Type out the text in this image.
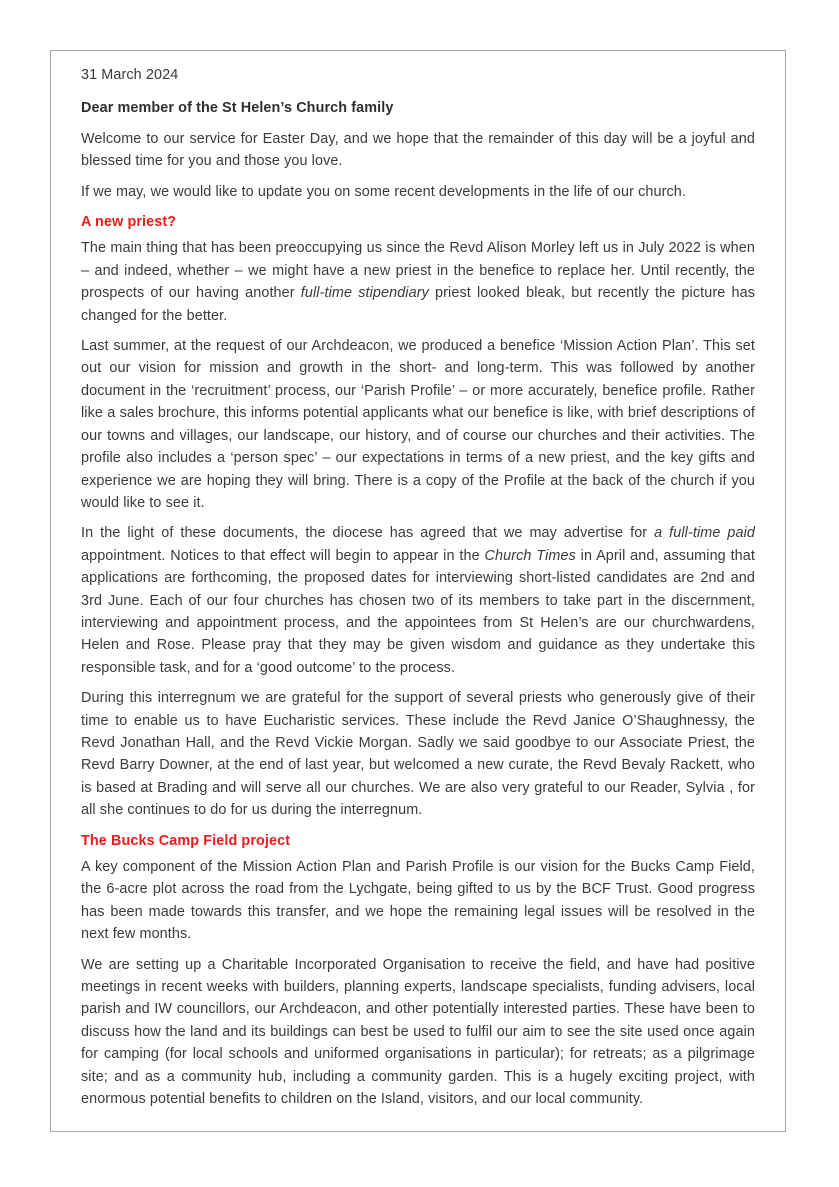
31 March 2024
Dear member of the St Helen’s Church family

Welcome to our service for Easter Day, and we hope that the remainder of this day will be a joyful and blessed time for you and those you love.

If we may, we would like to update you on some recent developments in the life of our church.

A new priest?

The main thing that has been preoccupying us since the Revd Alison Morley left us in July 2022 is when – and indeed, whether – we might have a new priest in the benefice to replace her. Until recently, the prospects of our having another full-time stipendiary priest looked bleak, but recently the picture has changed for the better.

Last summer, at the request of our Archdeacon, we produced a benefice ‘Mission Action Plan’. This set out our vision for mission and growth in the short- and long-term. This was followed by another document in the ‘recruitment’ process, our ‘Parish Profile’ – or more accurately, benefice profile. Rather like a sales brochure, this informs potential applicants what our benefice is like, with brief descriptions of our towns and villages, our landscape, our history, and of course our churches and their activities. The profile also includes a ‘person spec’ – our expectations in terms of a new priest, and the key gifts and experience we are hoping they will bring. There is a copy of the Profile at the back of the church if you would like to see it.

In the light of these documents, the diocese has agreed that we may advertise for a full-time paid appointment. Notices to that effect will begin to appear in the Church Times in April and, assuming that applications are forthcoming, the proposed dates for interviewing short-listed candidates are 2nd and 3rd June. Each of our four churches has chosen two of its members to take part in the discernment, interviewing and appointment process, and the appointees from St Helen’s are our churchwardens, Helen and Rose. Please pray that they may be given wisdom and guidance as they undertake this responsible task, and for a ‘good outcome’ to the process.

During this interregnum we are grateful for the support of several priests who generously give of their time to enable us to have Eucharistic services. These include the Revd Janice O’Shaughnessy, the Revd Jonathan Hall, and the Revd Vickie Morgan. Sadly we said goodbye to our Associate Priest, the Revd Barry Downer, at the end of last year, but welcomed a new curate, the Revd Bevaly Rackett, who is based at Brading and will serve all our churches. We are also very grateful to our Reader, Sylvia , for all she continues to do for us during the interregnum.

The Bucks Camp Field project

A key component of the Mission Action Plan and Parish Profile is our vision for the Bucks Camp Field, the 6-acre plot across the road from the Lychgate, being gifted to us by the BCF Trust. Good progress has been made towards this transfer, and we hope the remaining legal issues will be resolved in the next few months.

We are setting up a Charitable Incorporated Organisation to receive the field, and have had positive meetings in recent weeks with builders, planning experts, landscape specialists, funding advisers, local parish and IW councillors, our Archdeacon, and other potentially interested parties. These have been to discuss how the land and its buildings can best be used to fulfil our aim to see the site used once again for camping (for local schools and uniformed organisations in particular); for retreats; as a pilgrimage site; and as a community hub, including a community garden. This is a hugely exciting project, with enormous potential benefits to children on the Island, visitors, and our local community.
